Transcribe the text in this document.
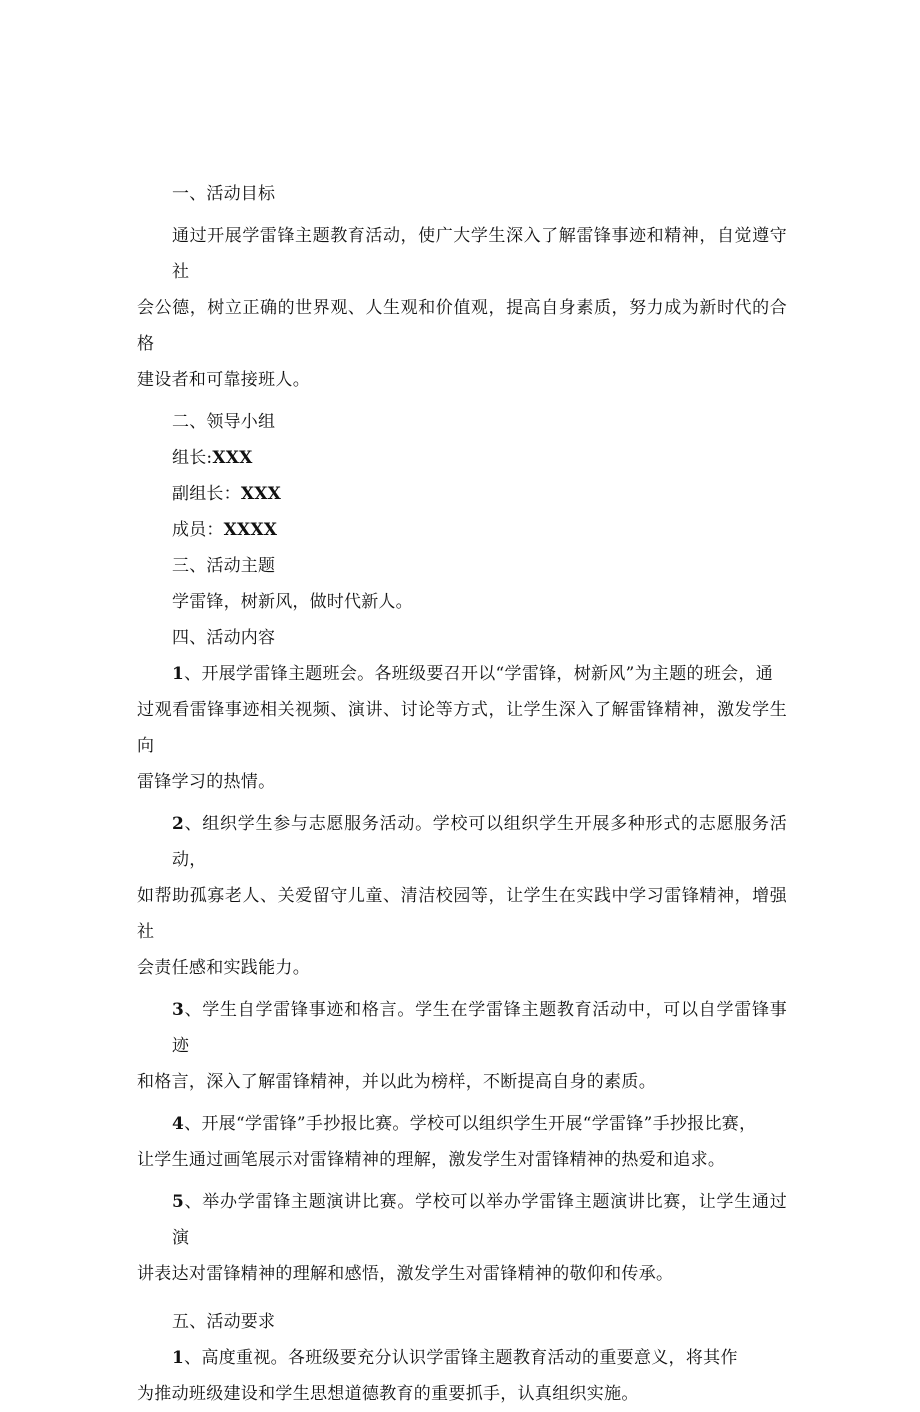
一、活动目标
通过开展学雷锋主题教育活动，使广大学生深入了解雷锋事迹和精神，自觉遵守社
会公德，树立正确的世界观、人生观和价值观，提高自身素质，努力成为新时代的合格
建设者和可靠接班人。
二、领导小组
组长:XXX
副组长：XXX
成员：XXXX
三、活动主题
学雷锋，树新风，做时代新人。
四、活动内容
1、开展学雷锋主题班会。各班级要召开以“学雷锋，树新风”为主题的班会，通
过观看雷锋事迹相关视频、演讲、讨论等方式，让学生深入了解雷锋精神，激发学生向
雷锋学习的热情。
2、组织学生参与志愿服务活动。学校可以组织学生开展多种形式的志愿服务活动，
如帮助孤寡老人、关爱留守儿童、清洁校园等，让学生在实践中学习雷锋精神，增强社
会责任感和实践能力。
3、学生自学雷锋事迹和格言。学生在学雷锋主题教育活动中，可以自学雷锋事迹
和格言，深入了解雷锋精神，并以此为榜样，不断提高自身的素质。
4、开展“学雷锋”手抄报比赛。学校可以组织学生开展“学雷锋”手抄报比赛，
让学生通过画笔展示对雷锋精神的理解，激发学生对雷锋精神的热爱和追求。
5、举办学雷锋主题演讲比赛。学校可以举办学雷锋主题演讲比赛，让学生通过演
讲表达对雷锋精神的理解和感悟，激发学生对雷锋精神的敬仰和传承。
五、活动要求
1、高度重视。各班级要充分认识学雷锋主题教育活动的重要意义，将其作
为推动班级建设和学生思想道德教育的重要抓手，认真组织实施。
